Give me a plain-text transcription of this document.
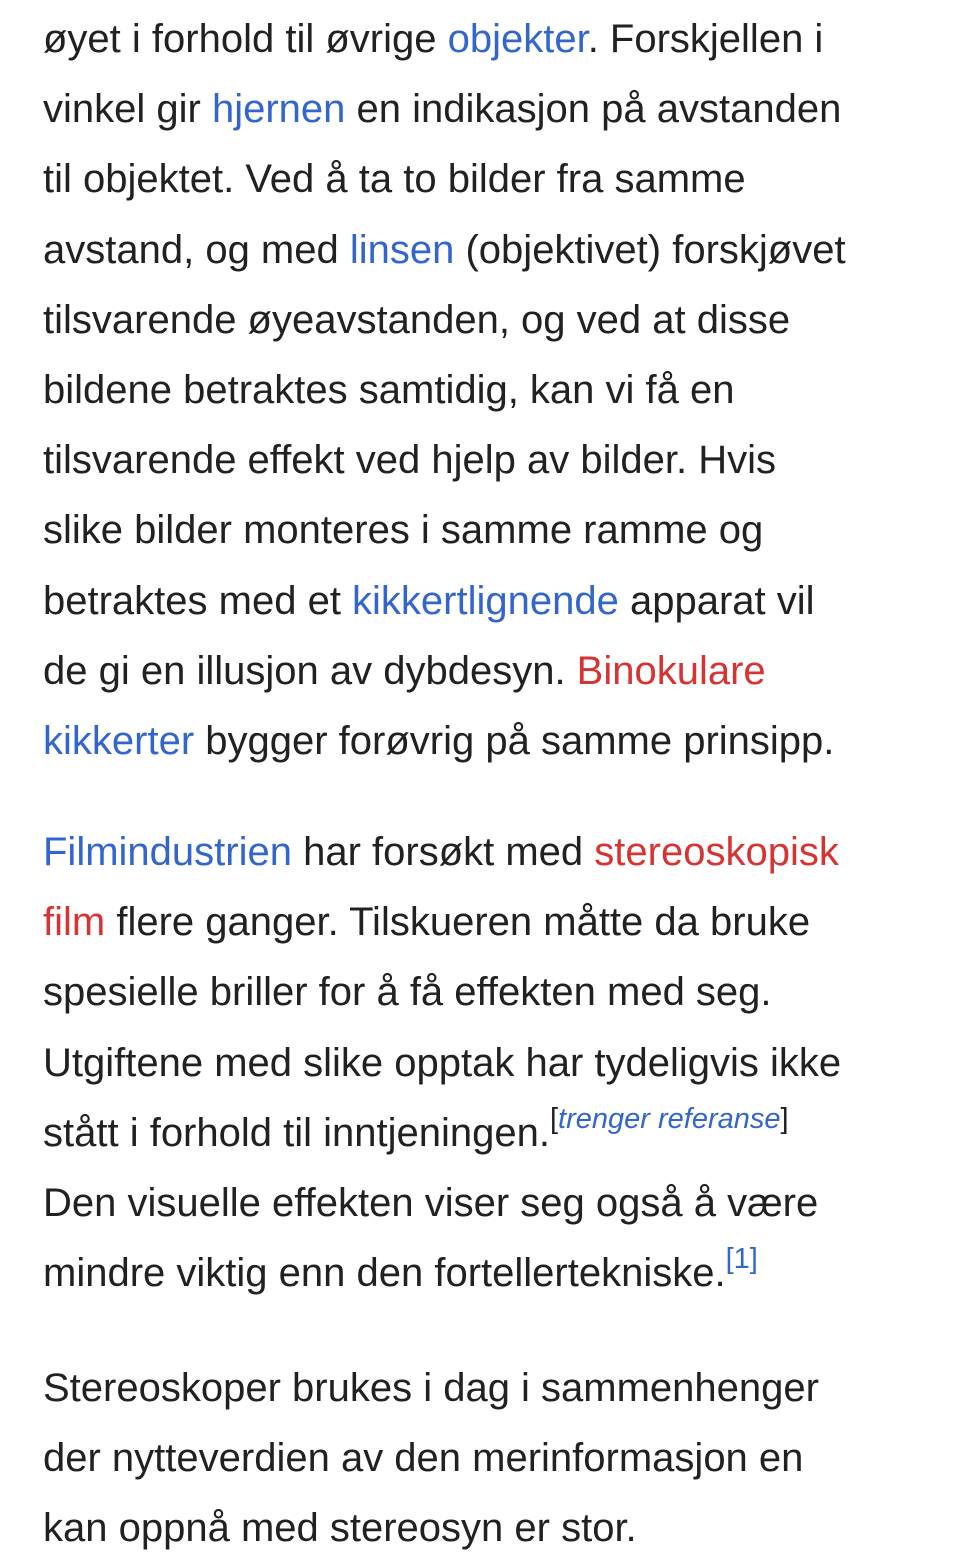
øyet i forhold til øvrige objekter. Forskjellen i
vinkel gir hjernen en indikasjon på avstanden
til objektet. Ved å ta to bilder fra samme
avstand, og med linsen (objektivet) forskjøvet
tilsvarende øyeavstanden, og ved at disse
bildene betraktes samtidig, kan vi få en
tilsvarende effekt ved hjelp av bilder. Hvis
slike bilder monteres i samme ramme og
betraktes med et kikkertlignende apparat vil
de gi en illusjon av dybdesyn. Binokulare
kikkerter bygger forøvrig på samme prinsipp.

Filmindustrien har forsøkt med stereoskopisk
film flere ganger. Tilskueren måtte da bruke
spesielle briller for å få effekten med seg.
Utgiftene med slike opptak har tydeligvis ikke
stått i forhold til inntjeningen.[trenger referanse]
Den visuelle effekten viser seg også å være
mindre viktig enn den fortellertekniske.[1]

Stereoskoper brukes i dag i sammenhenger
der nytteverdien av den merinformasjon en
kan oppnå med stereosyn er stor.
